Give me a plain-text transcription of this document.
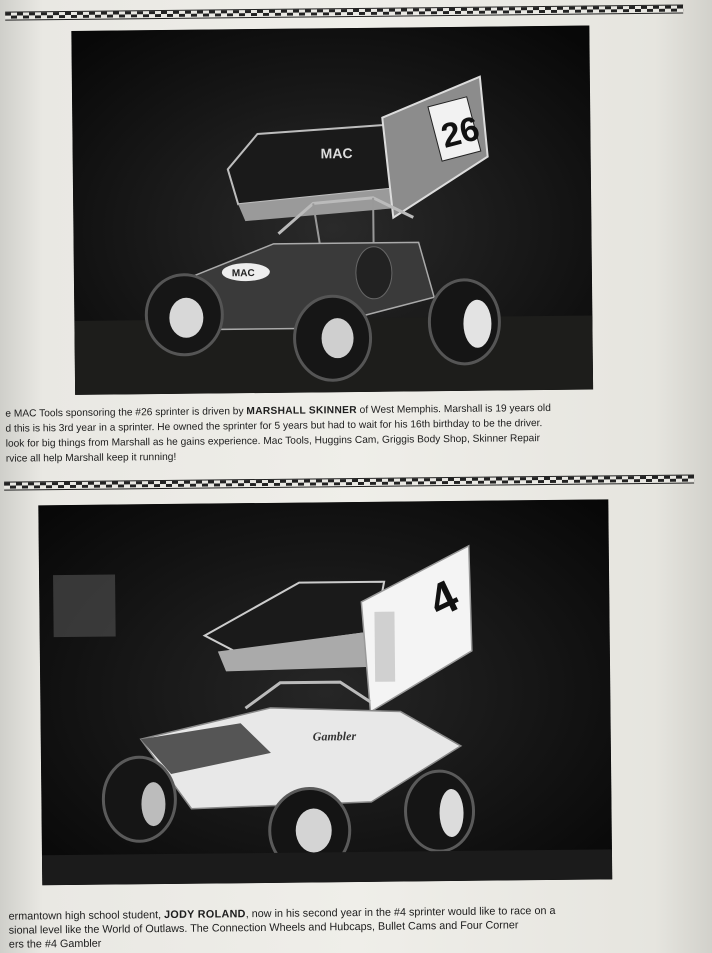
26
MAC
MAC
e MAC Tools sponsoring the #26 sprinter is driven by MARSHALL SKINNER of West Memphis. Marshall is 19 years old
d this is his 3rd year in a sprinter. He owned the sprinter for 5 years but had to wait for his 16th birthday to be the driver.
look for big things from Marshall as he gains experience. Mac Tools, Huggins Cam, Griggis Body Shop, Skinner Repair
rvice all help Marshall keep it running!
4
Gambler
ermantown high school student, JODY ROLAND, now in his second year in the #4 sprinter would like to race on a
sional level like the World of Outlaws. The Connection Wheels and Hubcaps, Bullet Cams and Four Corner
ers the #4 Gambler
